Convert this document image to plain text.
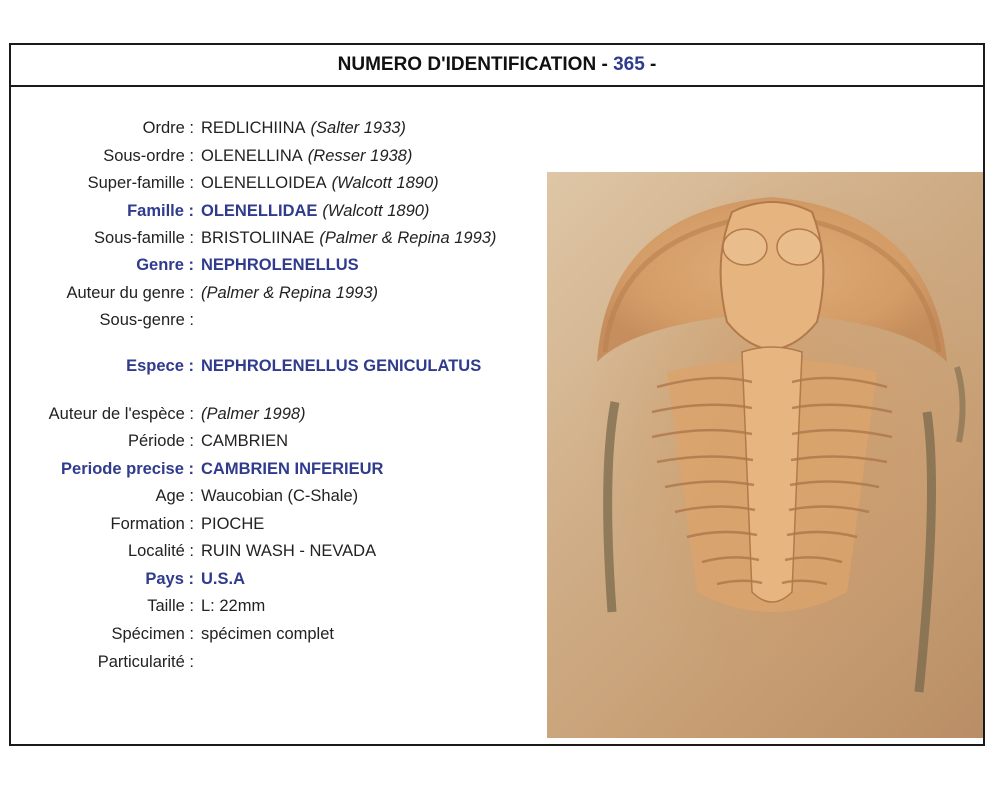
NUMERO D'IDENTIFICATION - 365 -
Ordre : REDLICHIINA (Salter 1933)
Sous-ordre : OLENELLINA (Resser 1938)
Super-famille : OLENELLOIDEA (Walcott 1890)
Famille : OLENELLIDAE (Walcott 1890)
Sous-famille : BRISTOLIINAE (Palmer & Repina 1993)
Genre : NEPHROLENELLUS
Auteur du genre : (Palmer & Repina 1993)
Sous-genre :
Espece : NEPHROLENELLUS GENICULATUS
Auteur de l'espèce : (Palmer 1998)
Période : CAMBRIEN
Periode precise : CAMBRIEN INFERIEUR
Age : Waucobian (C-Shale)
Formation : PIOCHE
Localité : RUIN WASH - NEVADA
Pays : U.S.A
Taille : L: 22mm
Spécimen : spécimen complet
Particularité :
